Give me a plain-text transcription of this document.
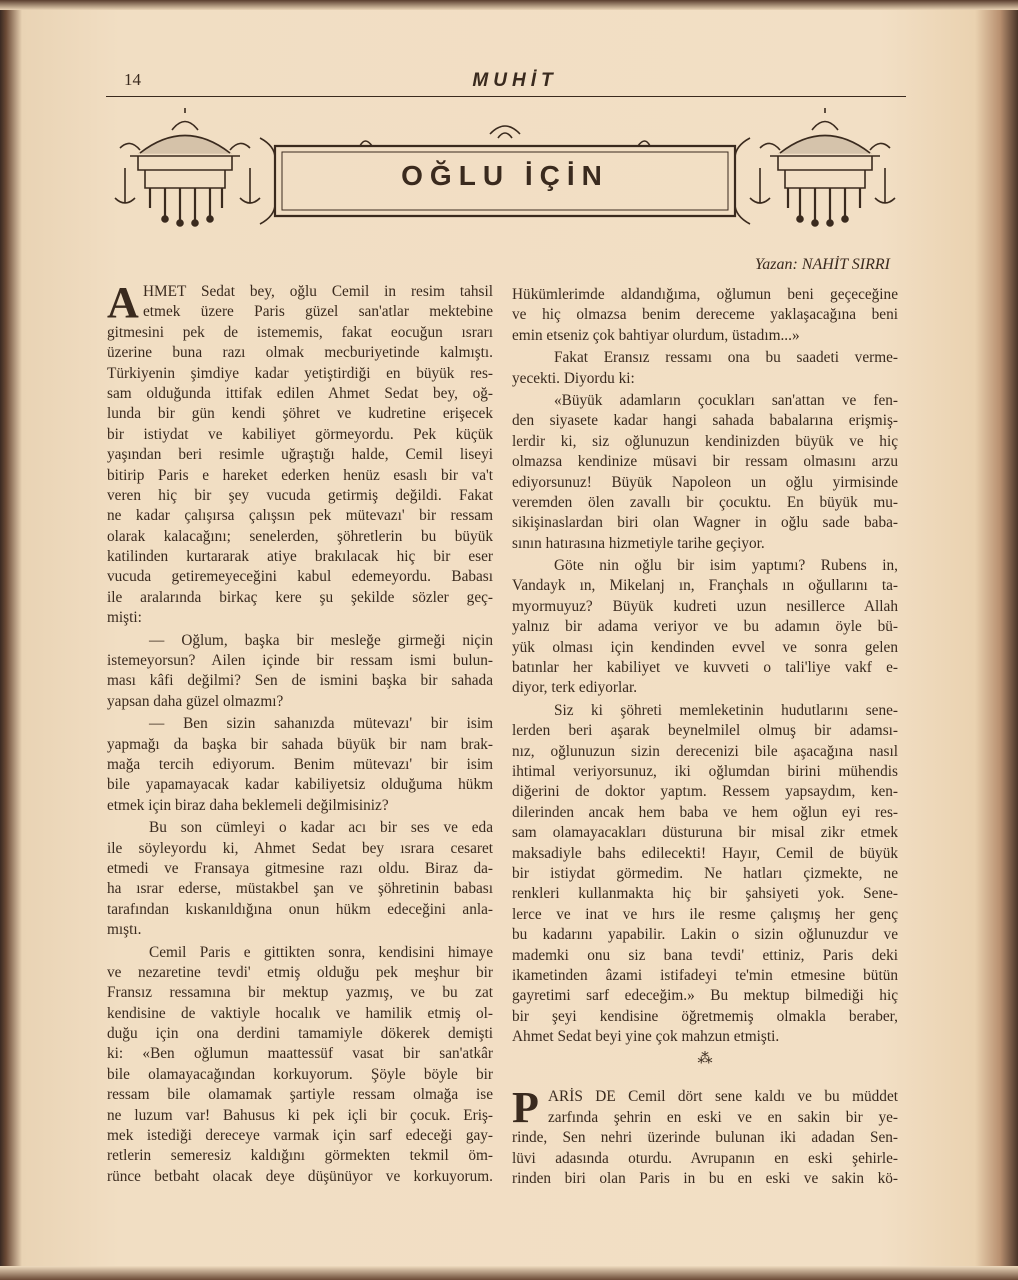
14	MUHİT
OĞLU İÇİN
Yazan: NAHİT SIRRI
A HMET Sedat bey, oğlu Cemil in resim tahsil
etmek üzere Paris güzel san'atlar mektebine
gitmesini pek de istememis, fakat eocuğun ısrarı
üzerine buna razı olmak mecburiyetinde kalmıştı.
Türkiyenin şimdiye kadar yetiştirdiği en büyük res-
sam olduğunda ittifak edilen Ahmet Sedat bey, oğ-
lunda bir gün kendi şöhret ve kudretine erişecek
bir istiydat ve kabiliyet görmeyordu. Pek küçük
yaşından beri resimle uğraştığı halde, Cemil liseyi
bitirip Paris e hareket ederken henüz esaslı bir va't
veren hiç bir şey vucuda getirmiş değildi. Fakat
ne kadar çalışırsa çalışsın pek mütevazı' bir ressam
olarak kalacağını; senelerden, şöhretlerin bu büyük
katilinden kurtararak atiye brakılacak hiç bir eser
vucuda getiremeyeceğini kabul edemeyordu. Babası
ile aralarında birkaç kere şu şekilde sözler geç-
mişti:
— Oğlum, başka bir mesleğe girmeği niçin
istemeyorsun? Ailen içinde bir ressam ismi bulun-
ması kâfi değilmi? Sen de ismini başka bir sahada
yapsan daha güzel olmazmı?
— Ben sizin sahanızda mütevazı' bir isim
yapmağı da başka bir sahada büyük bir nam brak-
mağa tercih ediyorum. Benim mütevazı' bir isim
bile yapamayacak kadar kabiliyetsiz olduğuma hükm
etmek için biraz daha beklemeli değilmisiniz?
Bu son cümleyi o kadar acı bir ses ve eda
ile söyleyordu ki, Ahmet Sedat bey ısrara cesaret
etmedi ve Fransaya gitmesine razı oldu. Biraz da-
ha ısrar ederse, müstakbel şan ve şöhretinin babası
tarafından kıskanıldığına onun hükm edeceğini anla-
mıştı.
Cemil Paris e gittikten sonra, kendisini himaye
ve nezaretine tevdi' etmiş olduğu pek meşhur bir
Fransız ressamına bir mektup yazmış, ve bu zat
kendisine de vaktiyle hocalık ve hamilik etmiş ol-
duğu için ona derdini tamamiyle dökerek demişti
ki: «Ben oğlumun maattessüf vasat bir san'atkâr
bile olamayacağından korkuyorum. Şöyle böyle bir
ressam bile olamamak şartiyle ressam olmağa ise
ne luzum var! Bahusus ki pek içli bir çocuk. Eriş-
mek istediği dereceye varmak için sarf edeceği gay-
retlerin semeresiz kaldığını görmekten tekmil öm-
rünce betbaht olacak deye düşünüyor ve korkuyorum.
Hükümlerimde aldandığıma, oğlumun beni geçeceğine
ve hiç olmazsa benim dereceme yaklaşacağına beni
emin etseniz çok bahtiyar olurdum, üstadım...»
Fakat Eransız ressamı ona bu saadeti verme-
yecekti. Diyordu ki:
«Büyük adamların çocukları san'attan ve fen-
den siyasete kadar hangi sahada babalarına erişmiş-
lerdir ki, siz oğlunuzun kendinizden büyük ve hiç
olmazsa kendinize müsavi bir ressam olmasını arzu
ediyorsunuz! Büyük Napoleon un oğlu yirmisinde
veremden ölen zavallı bir çocuktu. En büyük mu-
sikişinaslardan biri olan Wagner in oğlu sade baba-
sının hatırasına hizmetiyle tarihe geçiyor.
Göte nin oğlu bir isim yaptımı? Rubens in,
Vandayk ın, Mikelanj ın, Françhals ın oğullarını ta-
myormuyuz? Büyük kudreti uzun nesillerce Allah
yalnız bir adama veriyor ve bu adamın öyle bü-
yük olması için kendinden evvel ve sonra gelen
batınlar her kabiliyet ve kuvveti o tali'liye vakf e-
diyor, terk ediyorlar.
Siz ki şöhreti memleketinin hudutlarını sene-
lerden beri aşarak beynelmilel olmuş bir adamsı-
nız, oğlunuzun sizin derecenizi bile aşacağına nasıl
ihtimal veriyorsunuz, iki oğlumdan birini mühendis
diğerini de doktor yaptım. Ressem yapsaydım, ken-
dilerinden ancak hem baba ve hem oğlun eyi res-
sam olamayacakları düsturuna bir misal zikr etmek
maksadiyle bahs edilecekti! Hayır, Cemil de büyük
bir istiydat görmedim. Ne hatları çizmekte, ne
renkleri kullanmakta hiç bir şahsiyeti yok. Sene-
lerce ve inat ve hırs ile resme çalışmış her genç
bu kadarını yapabilir. Lakin o sizin oğlunuzdur ve
mademki onu siz bana tevdi' ettiniz, Paris deki
ikametinden âzami istifadeyi te'min etmesine bütün
gayretimi sarf edeceğim.» Bu mektup bilmediği hiç
bir şeyi kendisine öğretmemiş olmakla beraber,
Ahmet Sedat beyi yine çok mahzun etmişti.
⁂
P ARİS DE Cemil dört sene kaldı ve bu müddet
zarfında şehrin en eski ve en sakin bir ye-
rinde, Sen nehri üzerinde bulunan iki adadan Sen-
lüvi adasında oturdu. Avrupanın en eski şehirle-
rinden biri olan Paris in bu en eski ve sakin kö-
